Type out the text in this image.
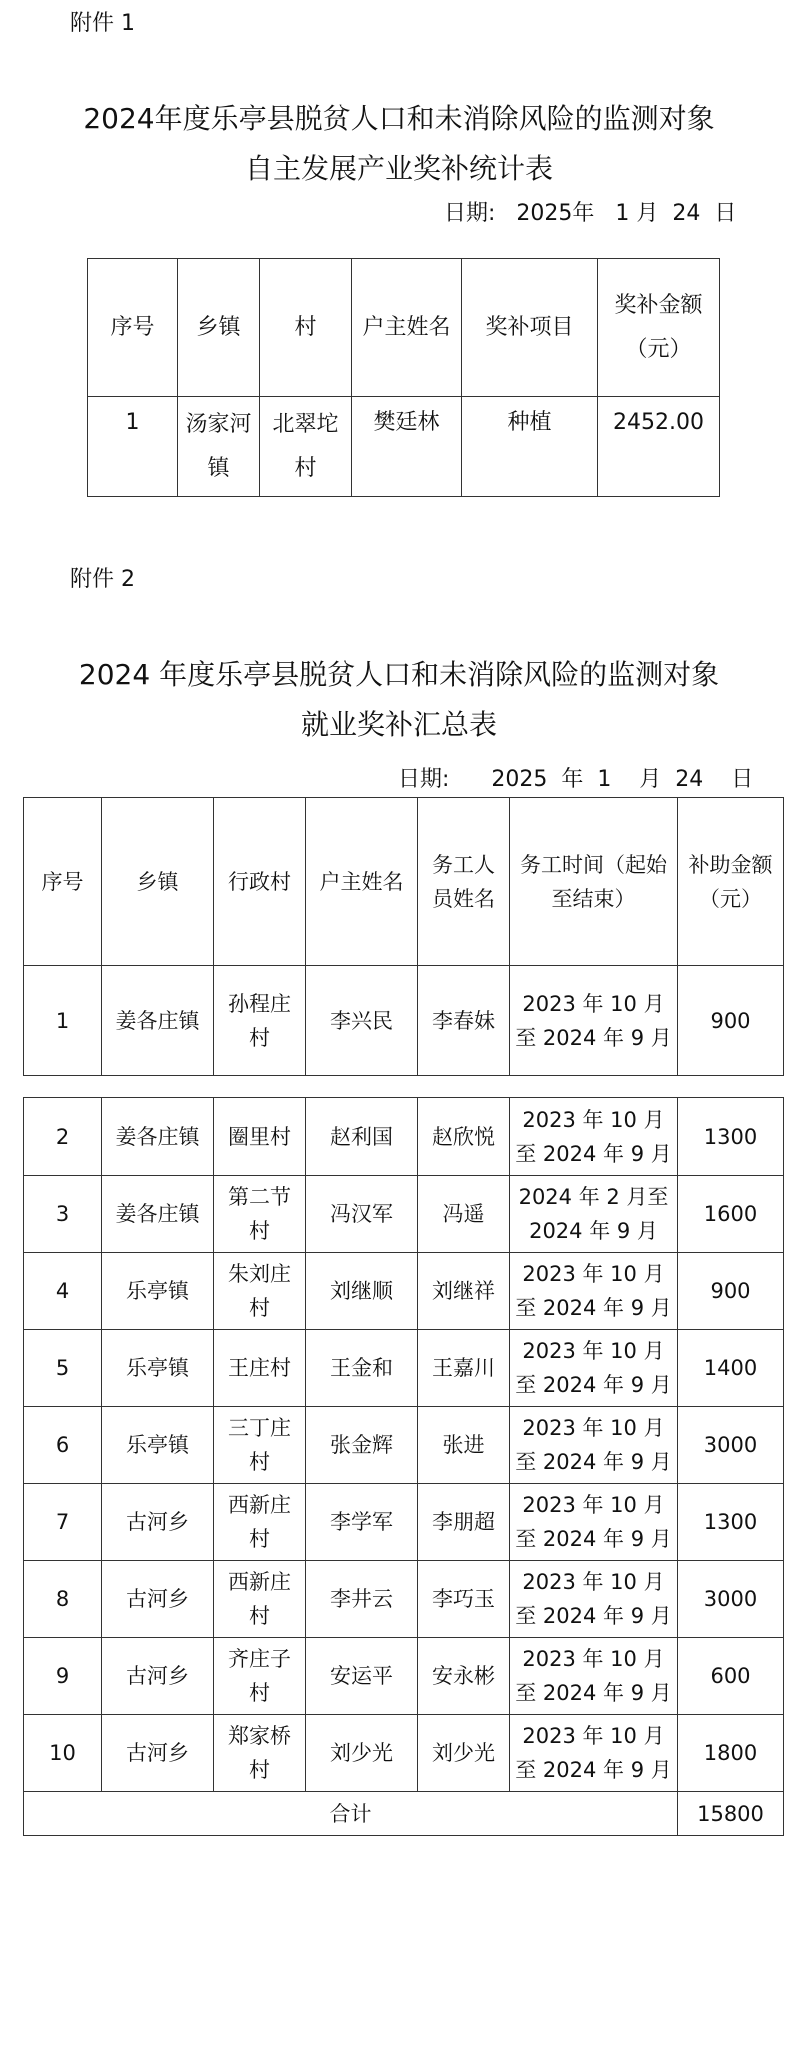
附件 1
2024年度乐亭县脱贫人口和未消除风险的监测对象
自主发展产业奖补统计表
日期:   2025年   1 月  24  日
序号	乡镇	村	户主姓名	奖补项目	奖补金额（元）
1	汤家河镇	北翠坨村	樊廷林	种植	2452.00
附件 2
2024 年度乐亭县脱贫人口和未消除风险的监测对象
就业奖补汇总表
日期:      2025  年  1    月  24    日
序号	乡镇	行政村	户主姓名	务工人员姓名	务工时间（起始至结束）	补助金额（元）
1	姜各庄镇	孙程庄村	李兴民	李春妹	2023 年 10 月至 2024 年 9 月	900
2	姜各庄镇	圈里村	赵利国	赵欣悦	2023 年 10 月至 2024 年 9 月	1300
3	姜各庄镇	第二节村	冯汉军	冯遥	2024 年 2 月至 2024 年 9 月	1600
4	乐亭镇	朱刘庄村	刘继顺	刘继祥	2023 年 10 月至 2024 年 9 月	900
5	乐亭镇	王庄村	王金和	王嘉川	2023 年 10 月至 2024 年 9 月	1400
6	乐亭镇	三丁庄村	张金辉	张进	2023 年 10 月至 2024 年 9 月	3000
7	古河乡	西新庄村	李学军	李朋超	2023 年 10 月至 2024 年 9 月	1300
8	古河乡	西新庄村	李井云	李巧玉	2023 年 10 月至 2024 年 9 月	3000
9	古河乡	齐庄子村	安运平	安永彬	2023 年 10 月至 2024 年 9 月	600
10	古河乡	郑家桥村	刘少光	刘少光	2023 年 10 月至 2024 年 9 月	1800
合计						15800
